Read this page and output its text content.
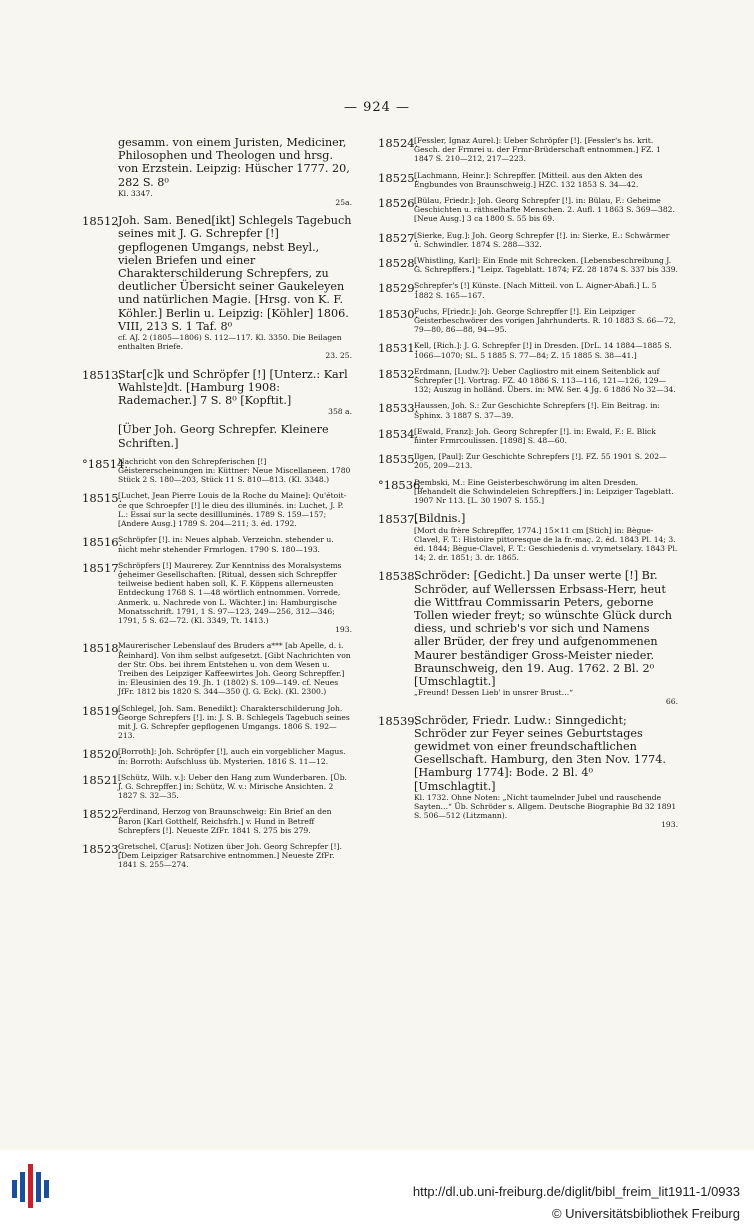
— 924 —

gesamm. von einem Juristen, Mediciner, Philosophen und Theologen und hrsg. von Erzstein. Leipzig: Hüscher 1777. 20, 282 S. 8⁰

Kl. 3347.

25a.

18512.

Joh. Sam. Bened[ikt] Schlegels Tagebuch seines mit J. G. Schrepfer [!] gepflogenen Umgangs, nebst Beyl., vielen Briefen und einer Charakterschilderung Schrepfers, zu deutlicher Übersicht seiner Gaukeleyen und natürlichen Magie. [Hrsg. von K. F. Köhler.] Berlin u. Leipzig: [Köhler] 1806. VIII, 213 S. 1 Taf. 8⁰

cf. AJ. 2 (1805—1806) S. 112—117. Kl. 3350. Die Beilagen enthalten Briefe.

23. 25.

18513.

Star[c]k und Schröpfer [!] [Unterz.: Karl Wahlste]dt. [Hamburg 1908: Rademacher.] 7 S. 8⁰ [Kopftit.]

358 a.

[Über Joh. Georg Schrepfer. Kleinere Schriften.]

°18514.

Nachricht von den Schrepferischen [!] Geistererscheinungen in: Küttner: Neue Miscellaneen. 1780 Stück 2 S. 180—203, Stück 11 S. 810—813. (Kl. 3348.)

18515.

[Luchet, Jean Pierre Louis de la Roche du Maine]: Qu'étoit-ce que Schroepfer [!] le dieu des illuminés. in: Luchet, J. P. L.: Essai sur la secte desillluminés. 1789 S. 159—157; [Andere Ausg.] 1789 S. 204—211; 3. éd. 1792.

18516.

Schröpfer [!]. in: Neues alphab. Verzeichn. stehender u. nicht mehr stehender Frmrlogen. 1790 S. 180—193.

18517.

Schröpfers [!] Maurerey. Zur Kenntniss des Moralsystems geheimer Gesellschaften. [Ritual, dessen sich Schrepffer teilweise bedient haben soll, K. F. Köppens allerneusten Entdeckung 1768 S. 1—48 wörtlich entnommen. Vorrede, Anmerk. u. Nachrede von L. Wächter.] in: Hamburgische Monatsschrift. 1791, 1 S. 97—123, 249—256, 312—346; 1791, 5 S. 62—72. (Kl. 3349, Tt. 1413.)

193.

18518.

Maurerischer Lebenslauf des Bruders a*** [ab Apelle, d. i. Reinhard]. Von ihm selbst aufgesetzt. [Gibt Nachrichten von der Str. Obs. bei ihrem Entstehen u. von dem Wesen u. Treiben des Leipziger Kaffeewirtes Joh. Georg Schrepffer.] in: Eleusinien des 19. Jh. 1 (1802) S. 109—149. cf. Neues JfFr. 1812 bis 1820 S. 344—350 (J. G. Eck). (Kl. 2300.)

18519.

[Schlegel, Joh. Sam. Benedikt]: Charakterschilderung Joh. George Schrepfers [!]. in: J. S. B. Schlegels Tagebuch seines mit J. G. Schrepfer gepflogenen Umgangs. 1806 S. 192—213.

18520.

[Borroth]: Joh. Schröpfer [!], auch ein vorgeblicher Magus. in: Borroth: Aufschluss üb. Mysterien. 1816 S. 11—12.

18521.

[Schütz, Wilh. v.]: Ueber den Hang zum Wunderbaren. [Üb. J. G. Schrepffer.] in: Schütz, W. v.: Mirische Ansichten. 2 1827 S. 32—35.

18522.

Ferdinand, Herzog von Braunschweig: Ein Brief an den Baron [Karl Gotthelf, Reichsfrh.] v. Hund in Betreff Schrepfers [!]. Neueste ZfFr. 1841 S. 275 bis 279.

18523.

Gretschel, C[arus]: Notizen über Joh. Georg Schrepfer [!]. [Dem Leipziger Ratsarchive entnommen.] Neueste ZfFr. 1841 S. 255—274.

18524.

[Fessler, Ignaz Aurel.]: Ueber Schröpfer [!]. [Fessler's hs. krit. Gesch. der Frmrei u. der Frmr-Brüderschaft entnommen.] FZ. 1 1847 S. 210—212, 217—223.

18525.

[Lachmann, Heinr.]: Schrepffer. [Mitteil. aus den Akten des Engbundes von Braunschweig.] HZC. 132 1853 S. 34—42.

18526.

[Bülau, Friedr.]: Joh. Georg Schrepfer [!]. in: Bülau, F.: Geheime Geschichten u. räthselhafte Menschen. 2. Aufl. 1 1863 S. 369—382. [Neue Ausg.] 3 ca 1800 S. 55 bis 69.

18527.

[Sierke, Eug.]: Joh. Georg Schrepfer [!]. in: Sierke, E.: Schwärmer u. Schwindler. 1874 S. 288—332.

18528.

[Whistling, Karl]: Ein Ende mit Schrecken. [Lebensbeschreibung J. G. Schrepffers.] "Leipz. Tageblatt. 1874; FZ. 28 1874 S. 337 bis 339.

18529.

Schrepfer's [!] Künste. [Nach Mitteil. von L. Aigner-Abafi.] L. 5 1882 S. 165—167.

18530.

Fuchs, F[riedr.]: Joh. George Schrepffer [!]. Ein Leipziger Geisterbeschwörer des vorigen Jahrhunderts. R. 10 1883 S. 66—72, 79—80, 86—88, 94—95.

18531.

Kell, [Rich.]: J. G. Schrepfer [!] in Dresden. [DrL. 14 1884—1885 S. 1066—1070; SL. 5 1885 S. 77—84; Z. 15 1885 S. 38—41.]

18532.

Erdmann, [Ludw.?]: Ueber Cagliostro mit einem Seitenblick auf Schrepfer [!]. Vortrag. FZ. 40 1886 S. 113—116, 121—126, 129—132; Auszug in holländ. Übers. in: MW. Ser. 4 Jg. 6 1886 No 32—34.

18533.

Haussen, Joh. S.: Zur Geschichte Schrepfers [!]. Ein Beitrag. in: Sphinx. 3 1887 S. 37—39.

18534.

[Ewald, Franz]: Joh. Georg Schrepfer [!]. in: Ewald, F.: E. Blick hinter Frmrcoulissen. [1898] S. 48—60.

18535.

Ilgen, [Paul]: Zur Geschichte Schrepfers [!]. FZ. 55 1901 S. 202—205, 209—213.

°18536.

Dembski, M.: Eine Geisterbeschwörung im alten Dresden. [Behandelt die Schwindeleien Schrepffers.] in: Leipziger Tageblatt. 1907 Nr 113. [L. 30 1907 S. 155.]

18537.

[Bildnis.]

[Mort du frère Schrepffer, 1774.] 15×11 cm [Stich] in: Bègue-Clavel, F. T.: Histoire pittoresque de la fr.-maç. 2. éd. 1843 Pl. 14; 3. éd. 1844; Bègue-Clavel, F. T.: Geschiedenis d. vrymetselary. 1843 Pl. 14; 2. dr. 1851; 3. dr. 1865.

18538.

Schröder: [Gedicht.] Da unser werte [!] Br. Schröder, auf Wellerssen Erbsass-Herr, heut die Wittfrau Commissarin Peters, geborne Tollen wieder freyt; so wünschte Glück durch diess, und schrieb's vor sich und Namens aller Brüder, der frey und aufgenommenen Maurer beständiger Gross-Meister nieder. Braunschweig, den 19. Aug. 1762. 2 Bl. 2⁰ [Umschlagtit.]

„Freund! Dessen Lieb' in unsrer Brust…“

66.

18539.

Schröder, Friedr. Ludw.: Sinngedicht; Schröder zur Feyer seines Geburtstages gewidmet von einer freundschaftlichen Gesellschaft. Hamburg, den 3ten Nov. 1774. [Hamburg 1774]: Bode. 2 Bl. 4⁰ [Umschlagtit.]

Kl. 1732. Ohne Noten: „Nicht taumelnder Jubel und rauschende Sayten…“ Üb. Schröder s. Allgem. Deutsche Biographie Bd 32 1891 S. 506—512 (Litzmann).

193.

http://dl.ub.uni-freiburg.de/diglit/bibl_freim_lit1911-1/0933
© Universitätsbibliothek Freiburg
